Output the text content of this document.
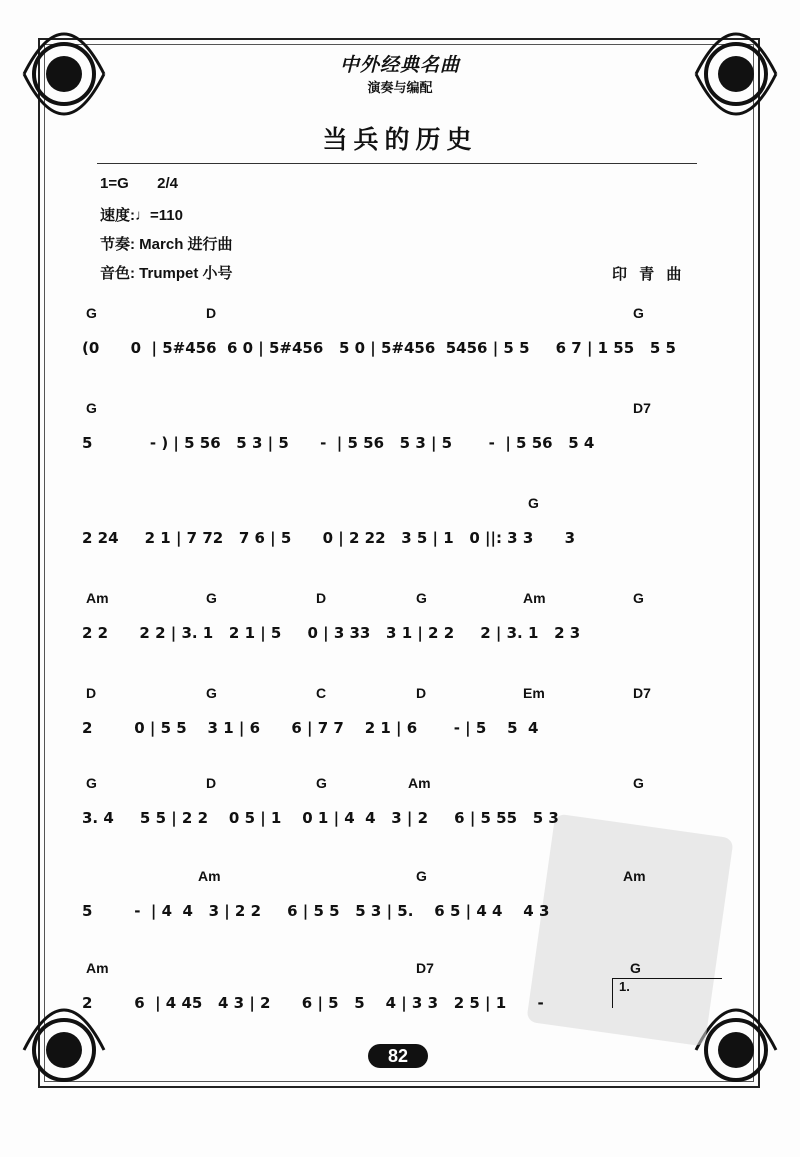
中外经典名曲
演奏与编配
当兵的历史
1=G 2/4
速度:♩=110
节奏: March 进行曲
音色: Trumpet 小号	印 青 曲
G	D	G
(0      0  | 5#456  6 0 | 5#456   5 0 | 5#456  5456 | 5 5     6 7 | 1 55   5 5
G	D7
5           - ) | 5 56   5 3 | 5      -  | 5 56   5 3 | 5       -  | 5 56   5 4
G
2 24     2 1 | 7 72   7 6 | 5      0 | 2 22   3 5 | 1   0 ||: 3 3      3
Am	G	D	G	Am	G
2 2      2 2 | 3. 1   2 1 | 5     0 | 3 33   3 1 | 2 2     2 | 3. 1   2 3
D	G	C	D	Em	D7
2        0 | 5 5    3 1 | 6      6 | 7 7    2 1 | 6       - | 5    5  4
G	D	G	Am	G
3. 4     5 5 | 2 2    0 5 | 1    0 1 | 4  4   3 | 2     6 | 5 55   5 3
Am	G	Am
5        -  | 4  4   3 | 2 2     6 | 5 5   5 3 | 5.    6 5 | 4 4    4 3
Am	D7	G
2        6  | 4 45   4 3 | 2      6 | 5   5    4 | 3 3   2 5 | 1      -
1.
82
